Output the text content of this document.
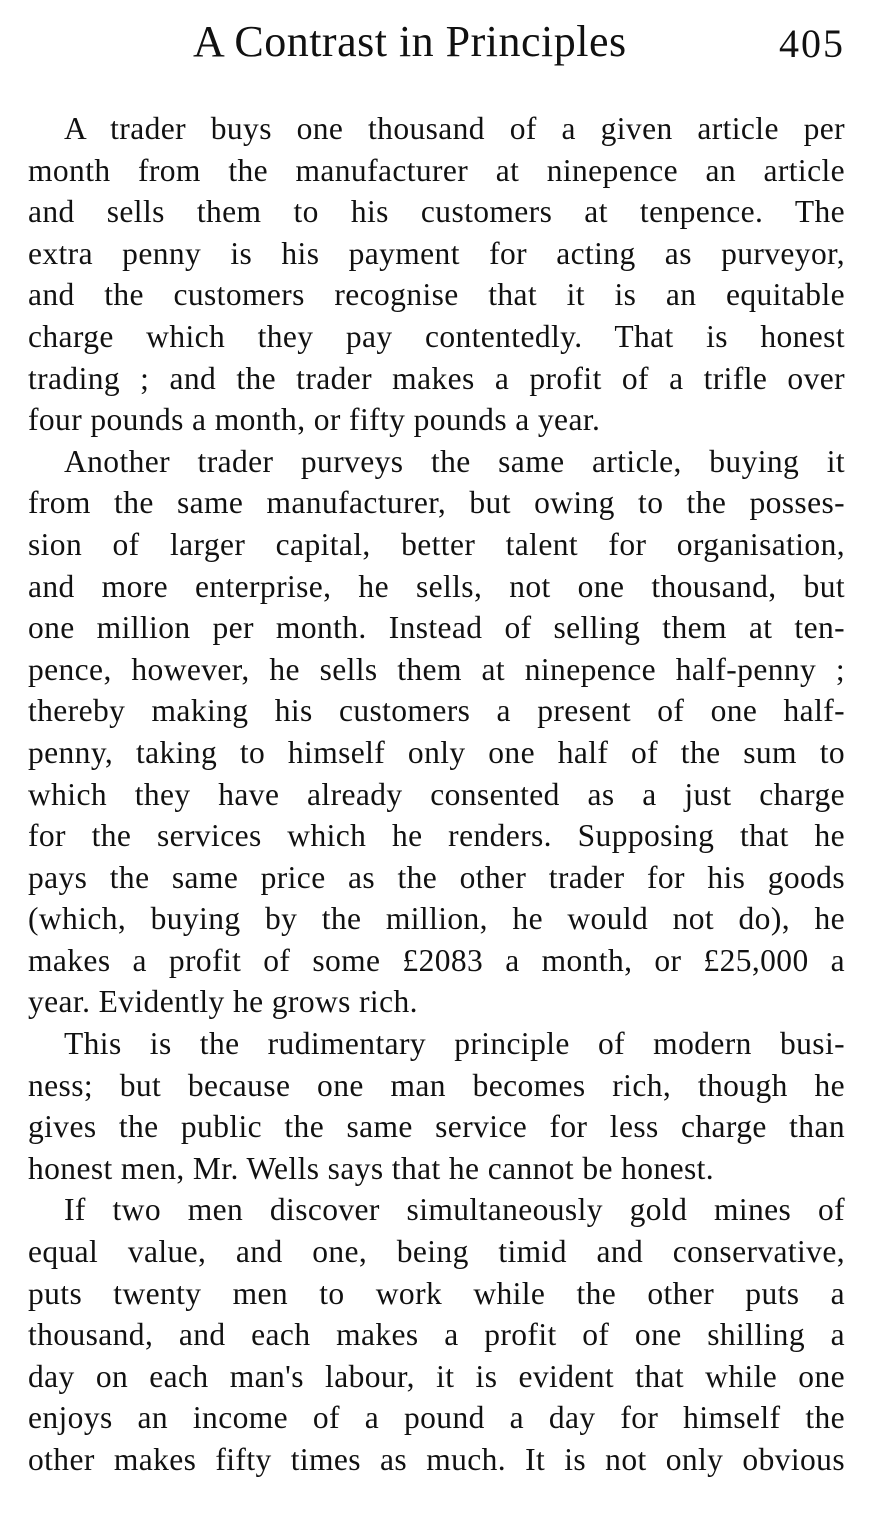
A Contrast in Principles	405
A trader buys one thousand of a given article per
month from the manufacturer at ninepence an article
and sells them to his customers at tenpence. The
extra penny is his payment for acting as purveyor,
and the customers recognise that it is an equitable
charge which they pay contentedly. That is honest
trading ; and the trader makes a profit of a trifle over
four pounds a month, or fifty pounds a year.
Another trader purveys the same article, buying it
from the same manufacturer, but owing to the posses-
sion of larger capital, better talent for organisation,
and more enterprise, he sells, not one thousand, but
one million per month. Instead of selling them at ten-
pence, however, he sells them at ninepence half-penny ;
thereby making his customers a present of one half-
penny, taking to himself only one half of the sum to
which they have already consented as a just charge
for the services which he renders. Supposing that he
pays the same price as the other trader for his goods
(which, buying by the million, he would not do), he
makes a profit of some £2083 a month, or £25,000 a
year. Evidently he grows rich.
This is the rudimentary principle of modern busi-
ness; but because one man becomes rich, though he
gives the public the same service for less charge than
honest men, Mr. Wells says that he cannot be honest.
If two men discover simultaneously gold mines of
equal value, and one, being timid and conservative,
puts twenty men to work while the other puts a
thousand, and each makes a profit of one shilling a
day on each man's labour, it is evident that while one
enjoys an income of a pound a day for himself the
other makes fifty times as much. It is not only obvious
